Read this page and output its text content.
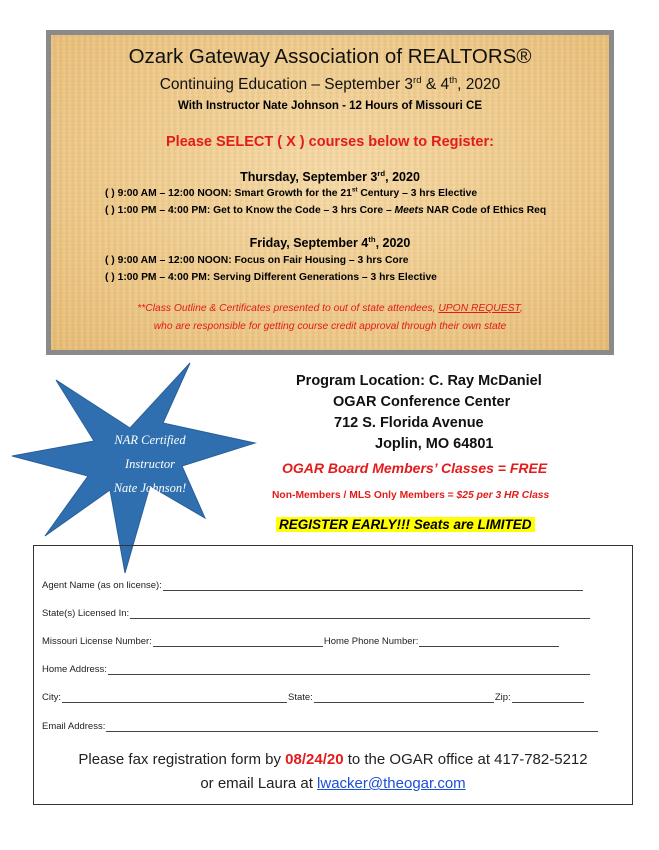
Ozark Gateway Association of REALTORS®
Continuing Education – September 3rd & 4th, 2020
With Instructor Nate Johnson - 12 Hours of Missouri CE
Please SELECT ( X ) courses below to Register:
Thursday, September 3rd, 2020
( ) 9:00 AM – 12:00 NOON: Smart Growth for the 21st Century – 3 hrs Elective
( ) 1:00 PM – 4:00 PM: Get to Know the Code – 3 hrs Core – Meets NAR Code of Ethics Req
Friday, September 4th, 2020
( ) 9:00 AM – 12:00 NOON: Focus on Fair Housing – 3 hrs Core
( ) 1:00 PM – 4:00 PM: Serving Different Generations – 3 hrs Elective
**Class Outline & Certificates presented to out of state attendees, UPON REQUEST,
who are responsible for getting course credit approval through their own state
NAR Certified
Instructor
Nate Johnson!
Program Location: C. Ray McDaniel
OGAR Conference Center
712 S. Florida Avenue
Joplin, MO 64801
OGAR Board Members’ Classes = FREE
Non-Members / MLS Only Members = $25 per 3 HR Class
REGISTER EARLY!!! Seats are LIMITED
Agent Name (as on license):
State(s) Licensed In:
Missouri License Number:	Home Phone Number:
Home Address:
City:	State:	Zip:
Email Address:
Please fax registration form by 08/24/20 to the OGAR office at 417-782-5212
or email Laura at lwacker@theogar.com
